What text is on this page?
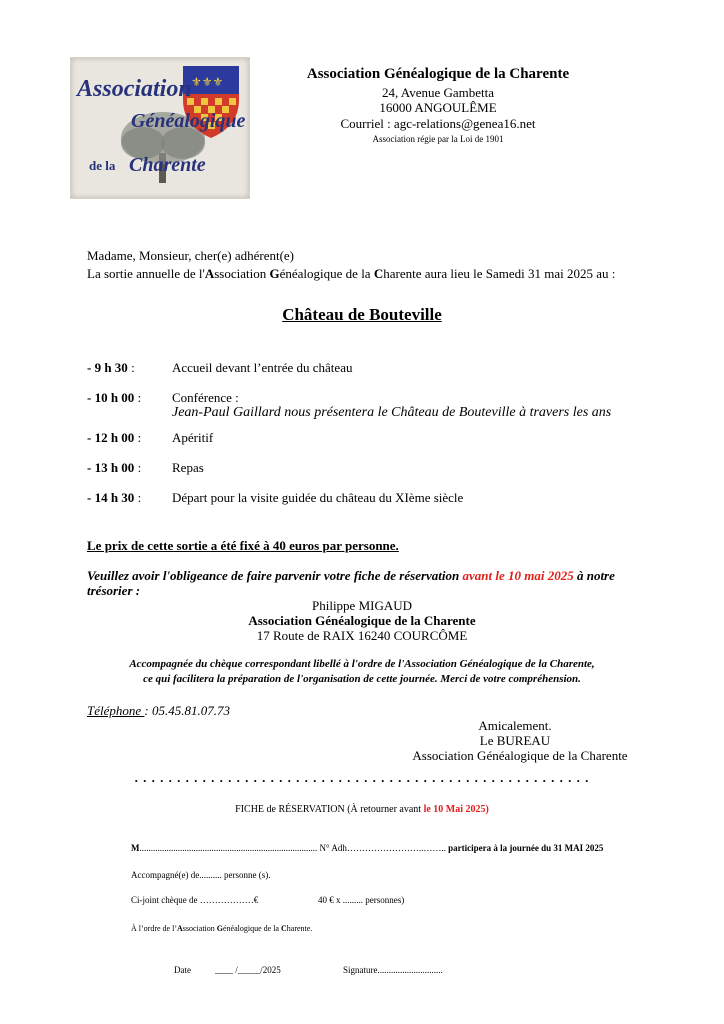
⚜⚜⚜
Association
Généalogique
de la Charente
Association Généalogique de la Charente
24, Avenue Gambetta
16000 ANGOULÊME
Courriel : agc-relations@genea16.net
Association régie par la Loi de 1901
Madame, Monsieur, cher(e) adhérent(e)
La sortie annuelle de l'Association Généalogique de la Charente aura lieu le Samedi 31 mai 2025 au :
Château de Bouteville
- 9 h 30 :	Accueil devant l’entrée du château
- 10 h 00 : Conférence :
Jean-Paul Gaillard nous présentera le Château de Bouteville à travers les ans
- 12 h 00 : Apéritif
- 13 h 00 : Repas
- 14 h 30 : Départ pour la visite guidée du château du XIème siècle
Le prix de cette sortie a été fixé à 40 euros par personne.
Veuillez avoir l'obligeance de faire parvenir votre fiche de réservation avant le 10 mai 2025 à notre
trésorier :
Philippe MIGAUD
Association Généalogique de la Charente
17 Route de RAIX 16240 COURCÔME
Accompagnée du chèque correspondant libellé à l'ordre de l'Association Généalogique de la Charente,
ce qui facilitera la préparation de l'organisation de cette journée. Merci de votre compréhension.
Téléphone : 05.45.81.07.73
Amicalement.
Le BUREAU
Association Généalogique de la Charente
. . . . . . . . . . . . . . . . . . . . . . . . . . . . . . . . . . . . . . . . . . . . . . . . . . . . . .
FICHE de RÉSERVATION (À retourner avant le 10 Mai 2025)
M............................................................................... N° Adh……………………..…….. participera à la journée du 31 MAI 2025
Accompagné(e) de.......... personne (s).
Ci-joint chèque de ………………€	40 € x ......... personnes)
À l’ordre de l’Association Généalogique de la Charente.
Date	____ /_____/2025	Signature.............................
